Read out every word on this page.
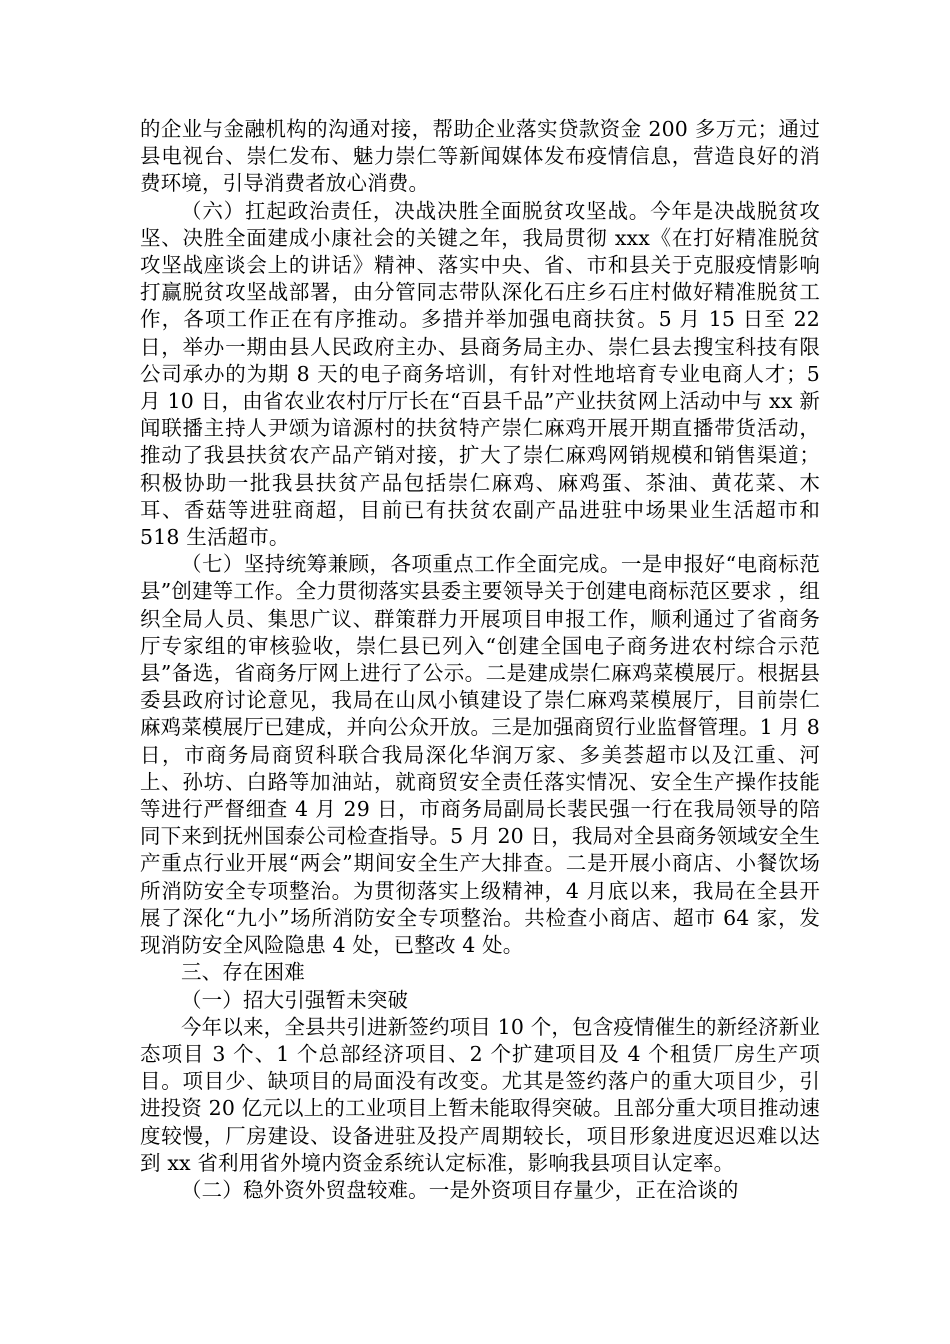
的企业与金融机构的沟通对接，帮助企业落实贷款资金 200 多万元；通过县电视台、崇仁发布、魅力崇仁等新闻媒体发布疫情信息，营造良好的消费环境，引导消费者放心消费。

（六）扛起政治责任，决战决胜全面脱贫攻坚战。今年是决战脱贫攻坚、决胜全面建成小康社会的关键之年，我局贯彻 xxx《在打好精准脱贫攻坚战座谈会上的讲话》精神、落实中央、省、市和县关于克服疫情影响打赢脱贫攻坚战部署，由分管同志带队深化石庄乡石庄村做好精准脱贫工作，各项工作正在有序推动。多措并举加强电商扶贫。5 月 15 日至 22 日，举办一期由县人民政府主办、县商务局主办、崇仁县去搜宝科技有限公司承办的为期 8 天的电子商务培训，有针对性地培育专业电商人才；5 月 10 日，由省农业农村厅厅长在“百县千品”产业扶贫网上活动中与 xx 新闻联播主持人尹颂为谙源村的扶贫特产崇仁麻鸡开展开期直播带货活动，推动了我县扶贫农产品产销对接，扩大了崇仁麻鸡网销规模和销售渠道；积极协助一批我县扶贫产品包括崇仁麻鸡、麻鸡蛋、茶油、黄花菜、木耳、香菇等进驻商超，目前已有扶贫农副产品进驻中场果业生活超市和 518 生活超市。

（七）坚持统筹兼顾，各项重点工作全面完成。一是申报好“电商标范县”创建等工作。全力贯彻落实县委主要领导关于创建电商标范区要求 ，组织全局人员、集思广议、群策群力开展项目申报工作，顺利通过了省商务厅专家组的审核验收，崇仁县已列入“创建全国电子商务进农村综合示范县”备选，省商务厅网上进行了公示。二是建成崇仁麻鸡菜模展厅。根据县委县政府讨论意见，我局在山凤小镇建设了崇仁麻鸡菜模展厅，目前崇仁麻鸡菜模展厅已建成，并向公众开放。三是加强商贸行业监督管理。1 月 8 日，市商务局商贸科联合我局深化华润万家、多美荟超市以及江重、河上、孙坊、白路等加油站，就商贸安全责任落实情况、安全生产操作技能等进行严督细查 4 月 29 日，市商务局副局长裴民强一行在我局领导的陪同下来到抚州国泰公司检查指导。5 月 20 日，我局对全县商务领域安全生产重点行业开展“两会”期间安全生产大排查。二是开展小商店、小餐饮场所消防安全专项整治。为贯彻落实上级精神，4 月底以来，我局在全县开展了深化“九小”场所消防安全专项整治。共检查小商店、超市 64 家，发现消防安全风险隐患 4 处，已整改 4 处。

三、存在困难

（一）招大引强暂未突破

今年以来，全县共引进新签约项目 10 个，包含疫情催生的新经济新业态项目 3 个、1 个总部经济项目、2 个扩建项目及 4 个租赁厂房生产项目。项目少、缺项目的局面没有改变。尤其是签约落户的重大项目少，引进投资 20 亿元以上的工业项目上暂未能取得突破。且部分重大项目推动速度较慢，厂房建设、设备进驻及投产周期较长，项目形象进度迟迟难以达到 xx 省利用省外境内资金系统认定标准，影响我县项目认定率。

（二）稳外资外贸盘较难。一是外资项目存量少，正在洽谈的
